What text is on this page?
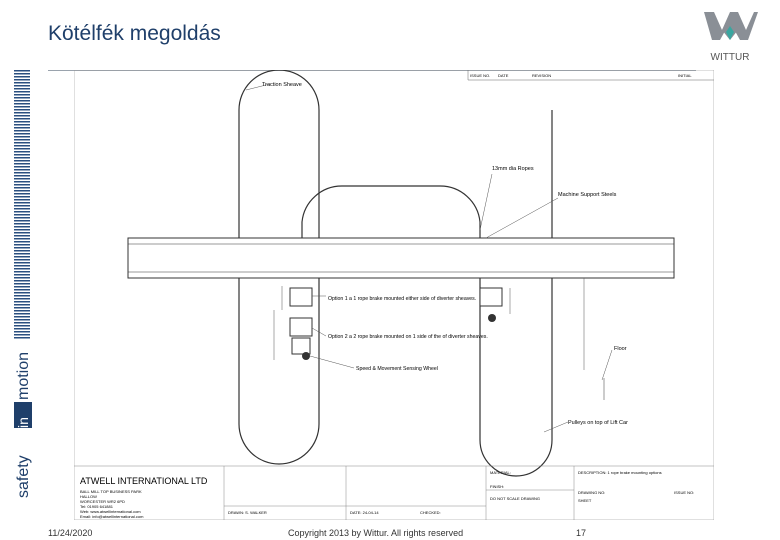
Kötélfék megoldás
safety
in
motion
WITTUR
ISSUE NO. DATE	REVISION	INITIAL
Traction Sheave
13mm dia Ropes
Machine Support Steels
Option 1 a 1 rope brake mounted either side of diverter sheaves.
Option 2 a 2 rope brake mounted on 1 side of the of diverter sheaves.
Speed & Movement Sensing Wheel
Floor
Pulleys on top of Lift Car
ATWELL INTERNATIONAL LTD
BALL MILL TOP BUSINESS PARK
HALLOW
WORCESTER WR2 6PD
Tel: 01905 641881
Web: www.atwellinternational.com
Email: info@atwellinternational.com
DRAWN: S. WALKER	DATE: 24-04-14	CHECKED:
MATERIAL:
FINISH:
DO NOT SCALE DRAWING
DESCRIPTION: 1 rope brake mounting options
DRAWING NO:	ISSUE NO:
SHEET
11/24/2020	Copyright 2013 by Wittur. All rights reserved	17
